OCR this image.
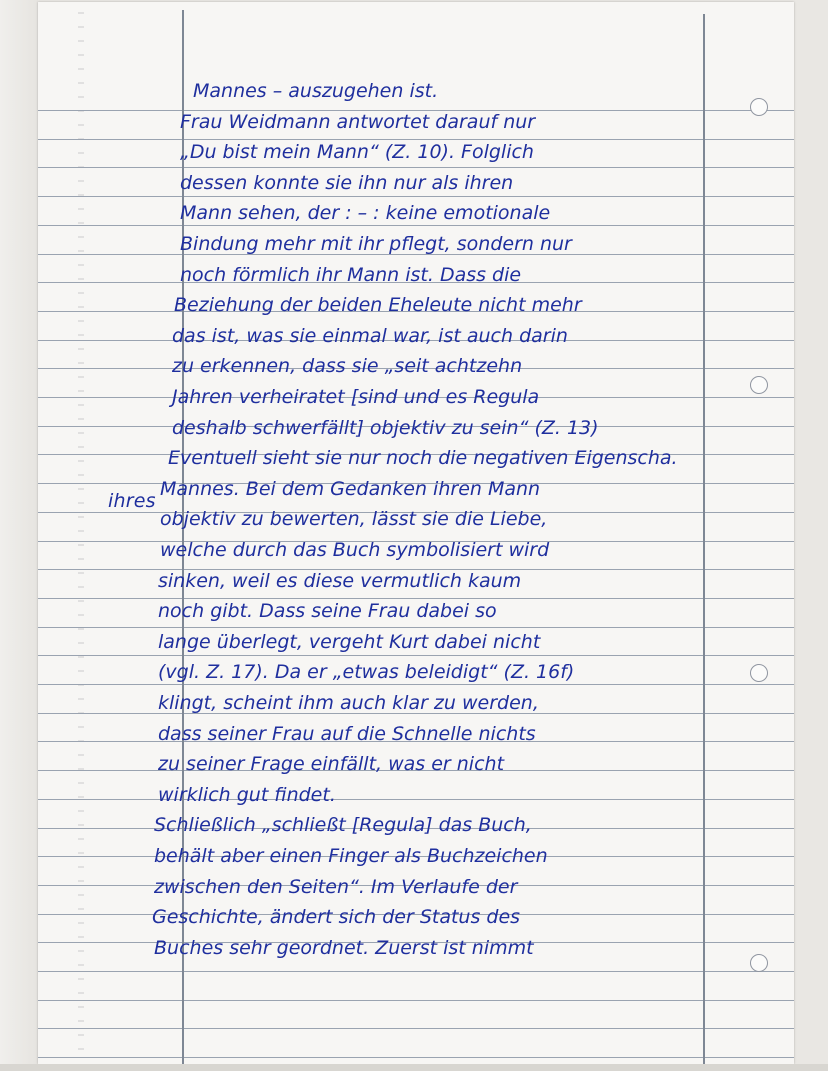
ihres
Mannes – auszugehen ist.
Frau Weidmann antwortet darauf nur
„Du bist mein Mann“ (Z. 10). Folglich
dessen konnte sie ihn nur als ihren
Mann sehen, der : – : keine emotionale
Bindung mehr mit ihr pflegt, sondern nur
noch förmlich ihr Mann ist. Dass die
Beziehung der beiden Eheleute nicht mehr
das ist, was sie einmal war, ist auch darin
zu erkennen, dass sie „seit achtzehn
Jahren verheiratet [sind und es Regula
deshalb schwerfällt] objektiv zu sein“ (Z. 13)
Eventuell sieht sie nur noch die negativen Eigenscha.
Mannes. Bei dem Gedanken ihren Mann
objektiv zu bewerten, lässt sie die Liebe,
welche durch das Buch symbolisiert wird
sinken, weil es diese vermutlich kaum
noch gibt. Dass seine Frau dabei so
lange überlegt, vergeht Kurt dabei nicht
(vgl. Z. 17). Da er „etwas beleidigt“ (Z. 16f)
klingt, scheint ihm auch klar zu werden,
dass seiner Frau auf die Schnelle nichts
zu seiner Frage einfällt, was er nicht
wirklich gut findet.
Schließlich „schließt [Regula] das Buch,
behält aber einen Finger als Buchzeichen
zwischen den Seiten“. Im Verlaufe der
Geschichte, ändert sich der Status des
Buches sehr geordnet. Zuerst ist nimmt
